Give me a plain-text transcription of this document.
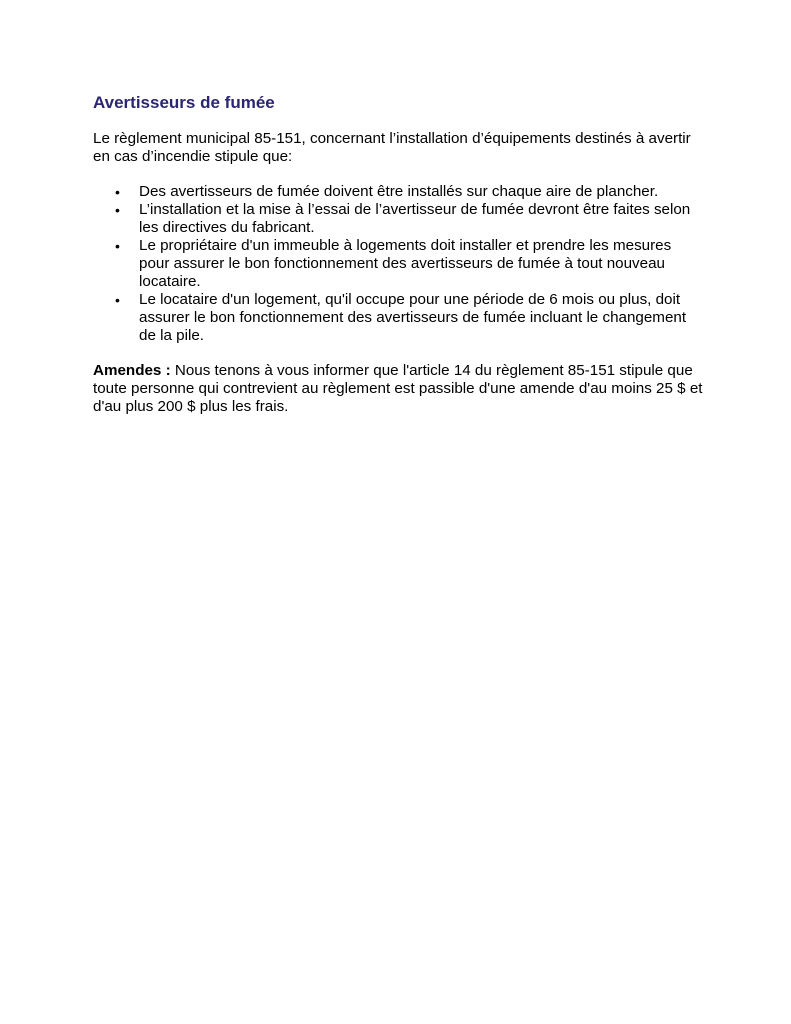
Avertisseurs de fumée

Le règlement municipal 85-151, concernant l’installation d’équipements destinés à avertir en cas d’incendie stipule que:

• Des avertisseurs de fumée doivent être installés sur chaque aire de plancher.
• L’installation et la mise à l’essai de l’avertisseur de fumée devront être faites selon les directives du fabricant.
• Le propriétaire d'un immeuble à logements doit installer et prendre les mesures pour assurer le bon fonctionnement des avertisseurs de fumée à tout nouveau locataire.
• Le locataire d'un logement, qu'il occupe pour une période de 6 mois ou plus, doit assurer le bon fonctionnement des avertisseurs de fumée incluant le changement de la pile.

Amendes : Nous tenons à vous informer que l'article 14 du règlement 85-151 stipule que toute personne qui contrevient au règlement est passible d'une amende d'au moins 25 $ et d'au plus 200 $ plus les frais.
